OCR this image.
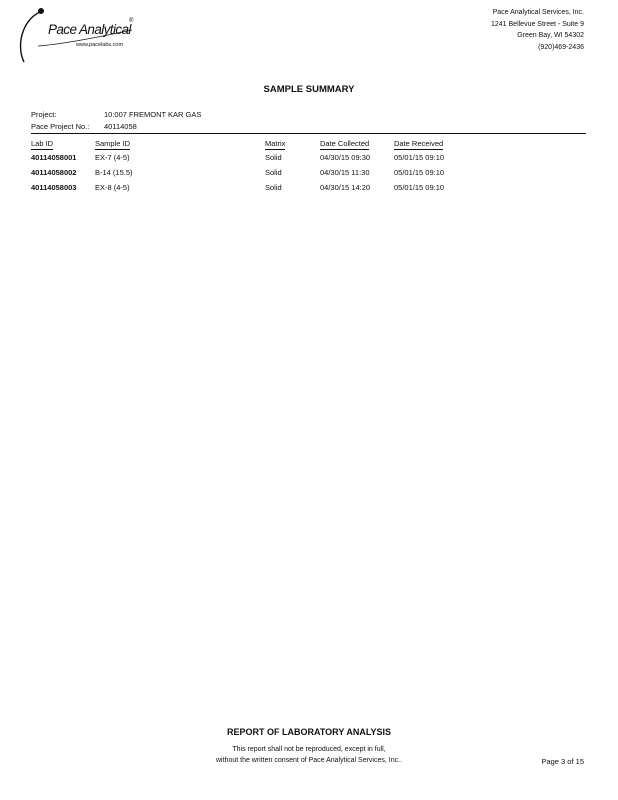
Pace Analytical
®
www.pacelabs.com
Pace Analytical Services, Inc.
1241 Bellevue Street - Suite 9
Green Bay, WI 54302
(920)469-2436
SAMPLE SUMMARY
Project:	10:007 FREMONT KAR GAS
Pace Project No.:	40114058
Lab ID	Sample ID	Matrix	Date Collected	Date Received
40114058001	EX-7 (4-5)	Solid	04/30/15 09:30	05/01/15 09:10
40114058002	B-14 (15.5)	Solid	04/30/15 11:30	05/01/15 09:10
40114058003	EX-8 (4-5)	Solid	04/30/15 14:20	05/01/15 09:10
REPORT OF LABORATORY ANALYSIS
This report shall not be reproduced, except in full,
without the written consent of Pace Analytical Services, Inc..	Page 3 of 15
